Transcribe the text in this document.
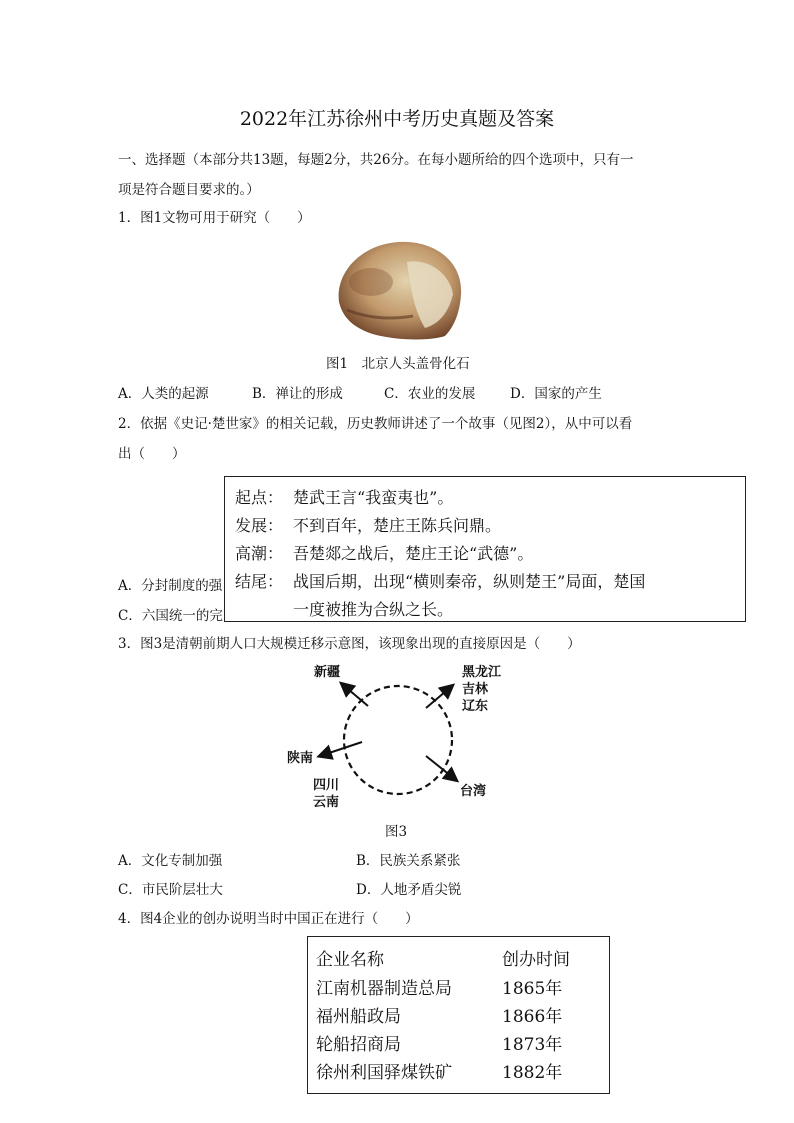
2022年江苏徐州中考历史真题及答案
一、选择题（本部分共13题，每题2分，共26分。在每小题所给的四个选项中，只有一
项是符合题目要求的。）
1．图1文物可用于研究（　　）
图1　北京人头盖骨化石
A．人类的起源	B．禅让的形成	C．农业的发展	D．国家的产生
2．依据《史记·楚世家》的相关记载，历史教师讲述了一个故事（见图2），从中可以看
出（　　）
A．分封制度的强
C．六国统一的完
起点： 楚武王言“我蛮夷也”。
发展： 不到百年，楚庄王陈兵问鼎。
高潮： 吾楚郯之战后，楚庄王论“武德”。
结尾： 战国后期，出现“横则秦帝，纵则楚王”局面，楚国
一度被推为合纵之长。
3．图3是清朝前期人口大规模迁移示意图，该现象出现的直接原因是（　　）
新疆	黑龙江
吉林
辽东
陕南
四川
云南
台湾
图3
A．文化专制加强	B．民族关系紧张
C．市民阶层壮大	D．人地矛盾尖锐
4．图4企业的创办说明当时中国正在进行（　　）
企业名称	创办时间
江南机器制造总局	1865年
福州船政局	1866年
轮船招商局	1873年
徐州利国驿煤铁矿	1882年
